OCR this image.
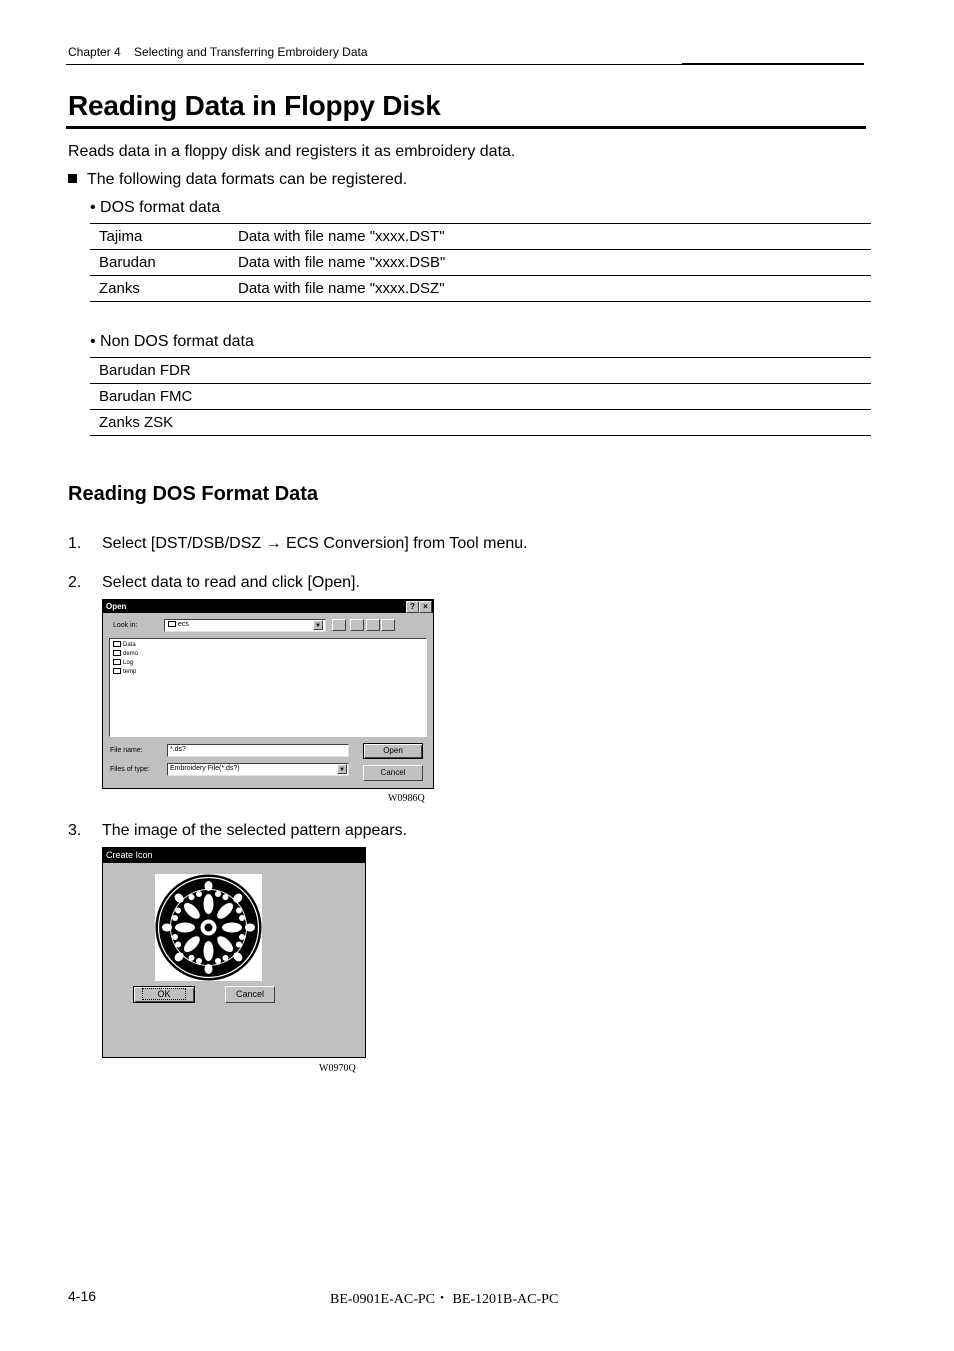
Chapter 4 Selecting and Transferring Embroidery Data
Reading Data in Floppy Disk
Reads data in a floppy disk and registers it as embroidery data.
The following data formats can be registered.
• DOS format data
Tajima	Data with file name "xxxx.DST"
Barudan	Data with file name "xxxx.DSB"
Zanks	Data with file name "xxxx.DSZ"
• Non DOS format data
Barudan FDR
Barudan FMC
Zanks ZSK
Reading DOS Format Data
1. Select [DST/DSB/DSZ → ECS Conversion] from Tool menu.
2. Select data to read and click [Open].
Open	?	×
Look in:	ecs	▼
Data
demo
Log
temp
File name:	*.ds?
Files of type:	Embroidery File(*.ds?)	▼
Open
Cancel
W0986Q
3. The image of the selected pattern appears.
Create Icon
OK	Cancel
W0970Q
4-16	BE-0901E-AC-PC・ BE-1201B-AC-PC
